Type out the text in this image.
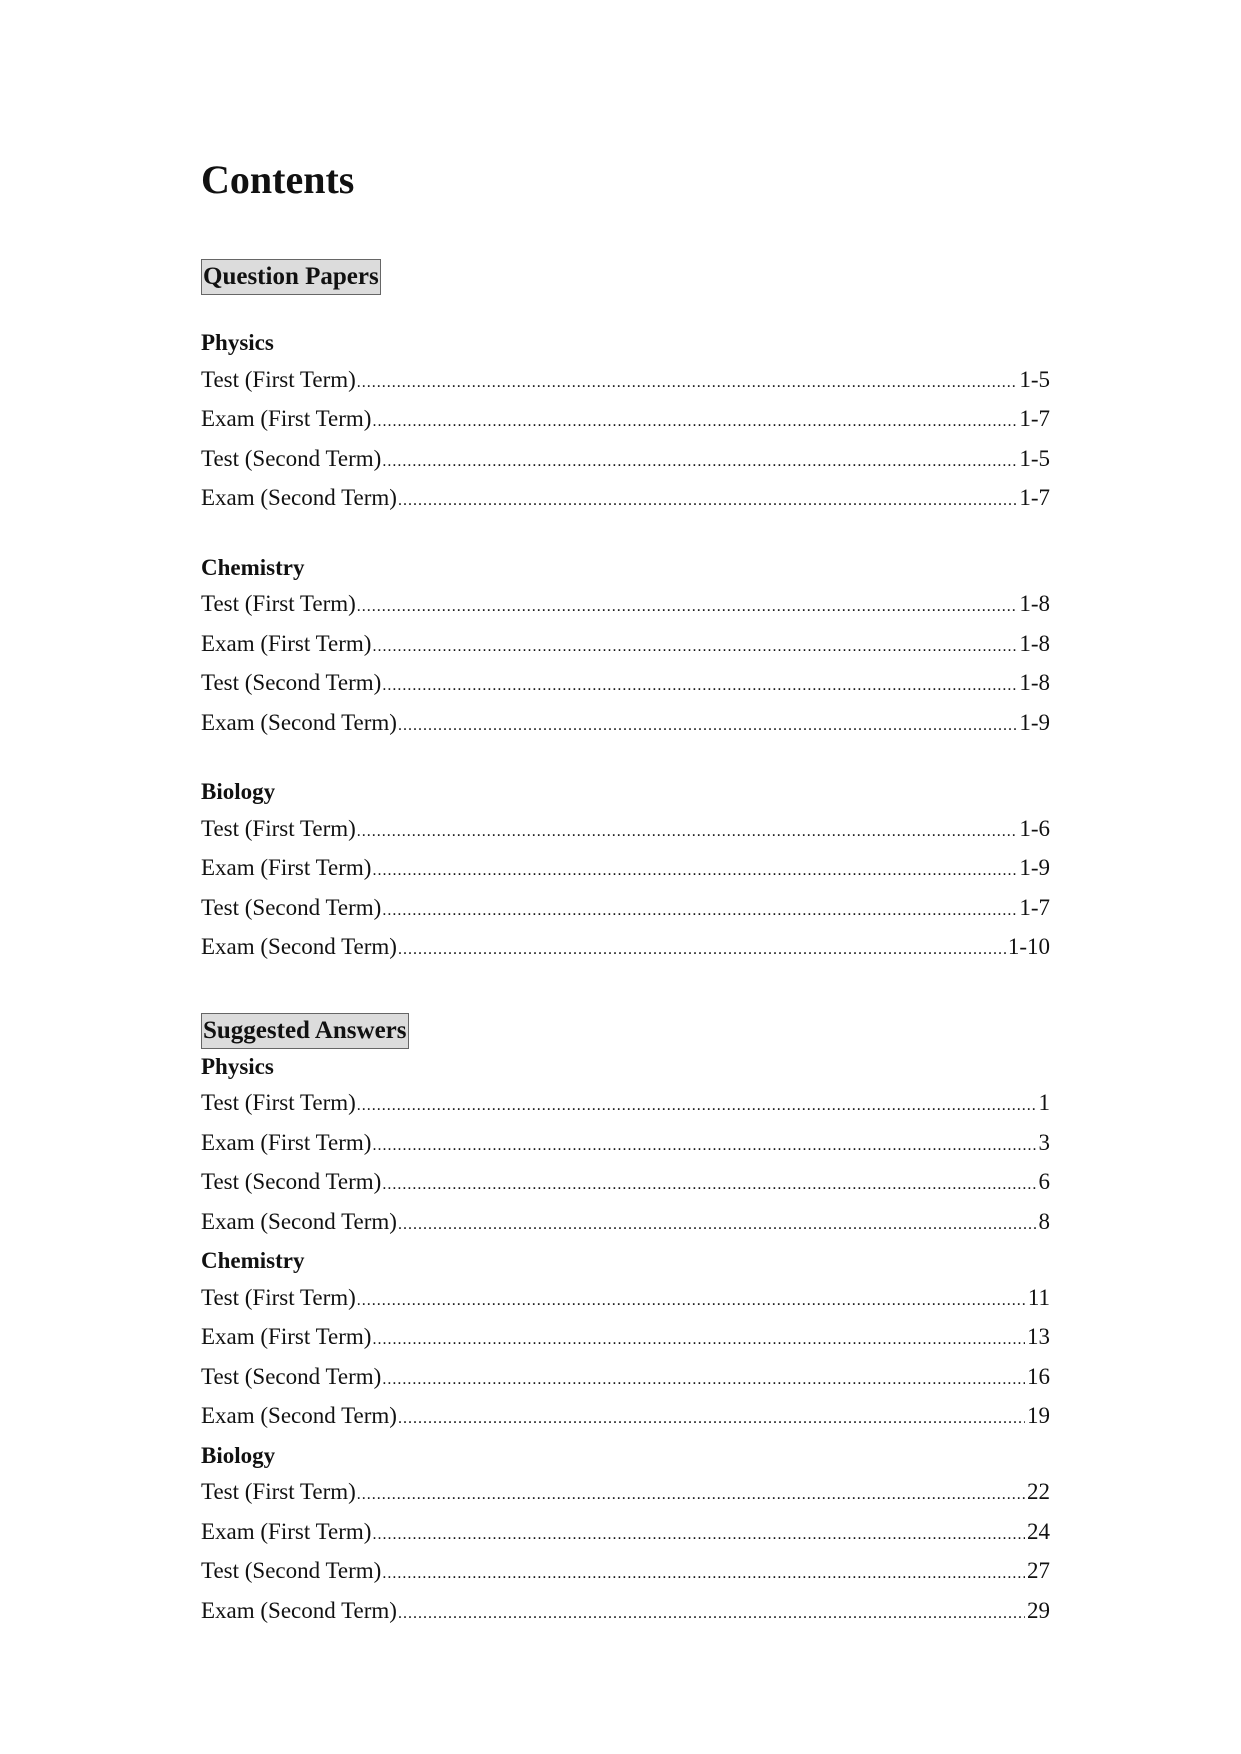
Contents
Question Papers
Physics
Test (First Term) .....	1-5
Exam (First Term) .....	1-7
Test (Second Term) .....	1-5
Exam (Second Term) .....	1-7
Chemistry
Test (First Term) .....	1-8
Exam (First Term) .....	1-8
Test (Second Term) .....	1-8
Exam (Second Term) .....	1-9
Biology
Test (First Term) .....	1-6
Exam (First Term) .....	1-9
Test (Second Term) .....	1-7
Exam (Second Term) .....	1-10
Suggested Answers
Physics
Test (First Term) .....	1
Exam (First Term) .....	3
Test (Second Term) .....	6
Exam (Second Term) .....	8
Chemistry
Test (First Term) .....	11
Exam (First Term) .....	13
Test (Second Term) .....	16
Exam (Second Term) .....	19
Biology
Test (First Term) .....	22
Exam (First Term) .....	24
Test (Second Term) .....	27
Exam (Second Term) .....	29
